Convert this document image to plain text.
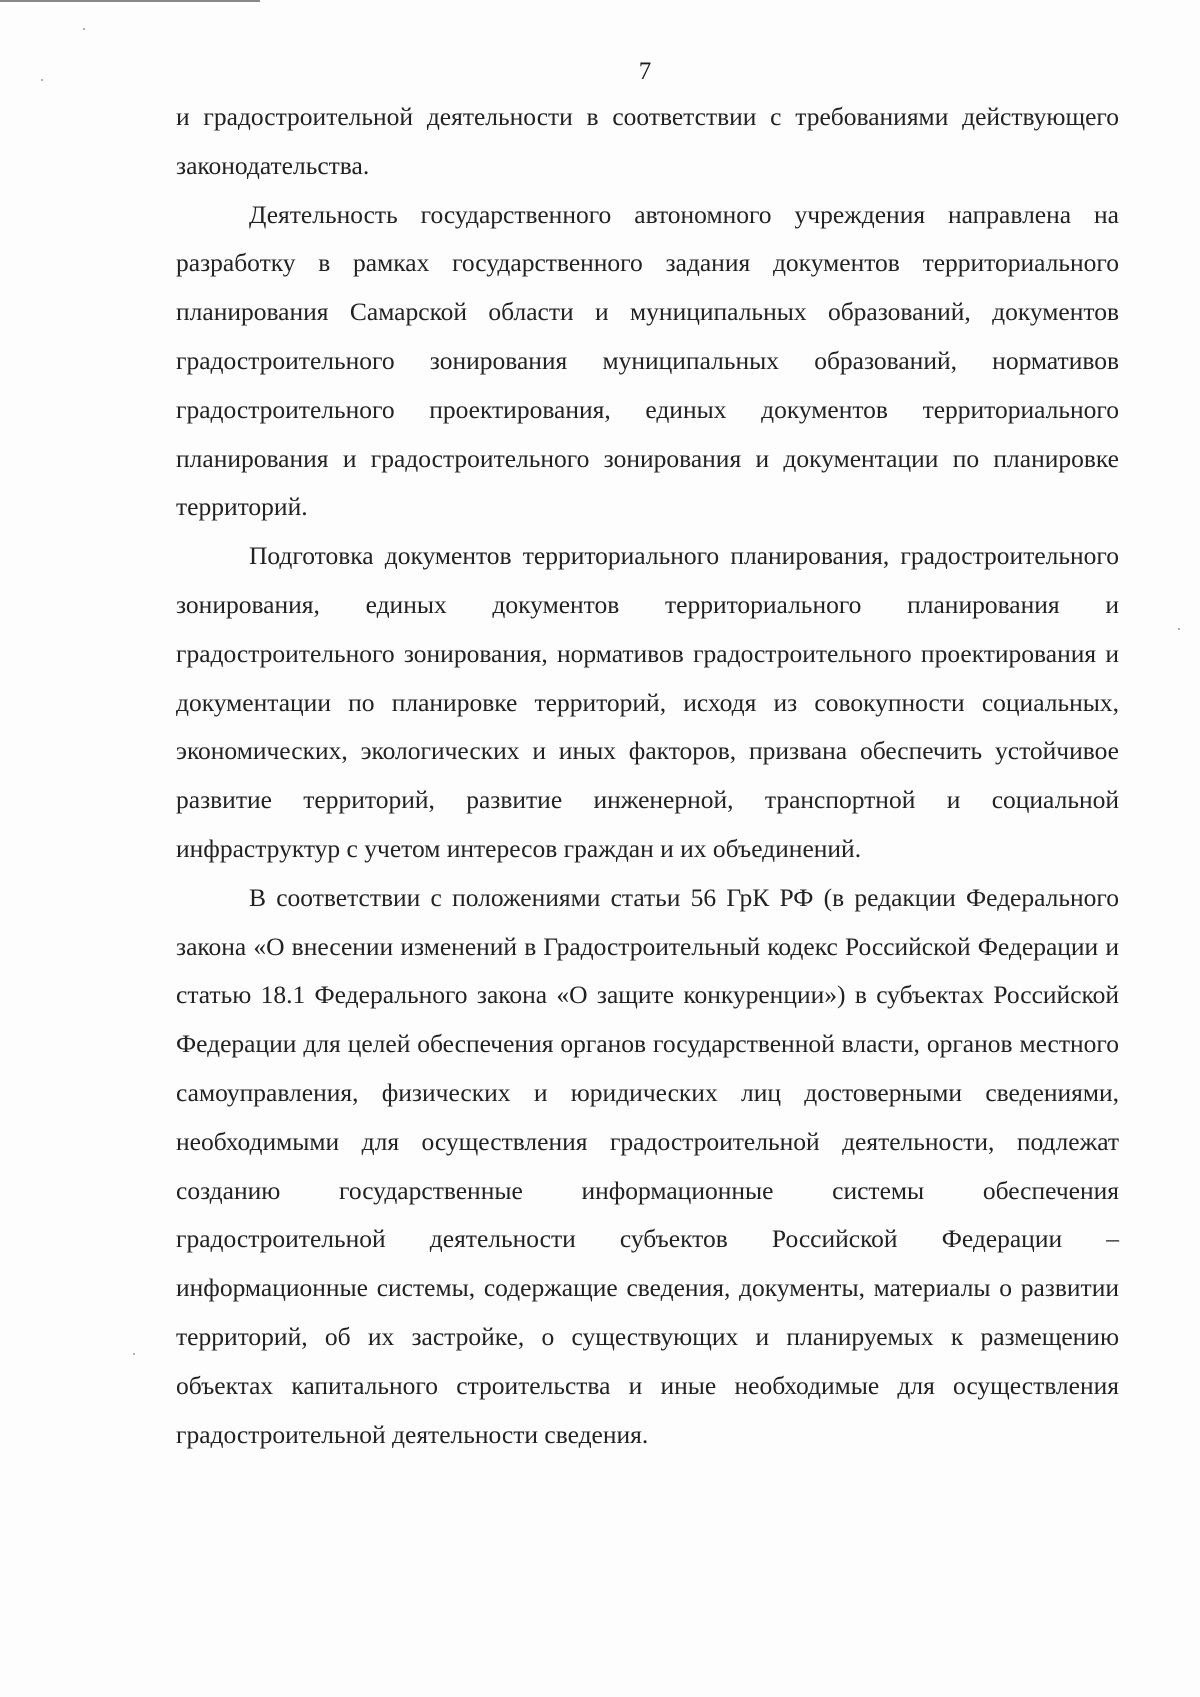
7

и градостроительной деятельности в соответствии с требованиями действующего законодательства.

Деятельность государственного автономного учреждения направлена на разработку в рамках государственного задания документов территориального планирования Самарской области и муниципальных образований, документов градостроительного зонирования муниципальных образований, нормативов градостроительного проектирования, единых документов территориального планирования и градостроительного зонирования и документации по планировке территорий.

Подготовка документов территориального планирования, градостроительного зонирования, единых документов территориального планирования и градостроительного зонирования, нормативов градостроительного проектирования и документации по планировке территорий, исходя из совокупности социальных, экономических, экологических и иных факторов, призвана обеспечить устойчивое развитие территорий, развитие инженерной, транспортной и социальной инфраструктур с учетом интересов граждан и их объединений.

В соответствии с положениями статьи 56 ГрК РФ (в редакции Федерального закона «О внесении изменений в Градостроительный кодекс Российской Федерации и статью 18.1 Федерального закона «О защите конкуренции») в субъектах Российской Федерации для целей обеспечения органов государственной власти, органов местного самоуправления, физических и юридических лиц достоверными сведениями, необходимыми для осуществления градостроительной деятельности, подлежат созданию государственные информационные системы обеспечения градостроительной деятельности субъектов Российской Федерации – информационные системы, содержащие сведения, документы, материалы о развитии территорий, об их застройке, о существующих и планируемых к размещению объектах капитального строительства и иные необходимые для осуществления градостроительной деятельности сведения.
